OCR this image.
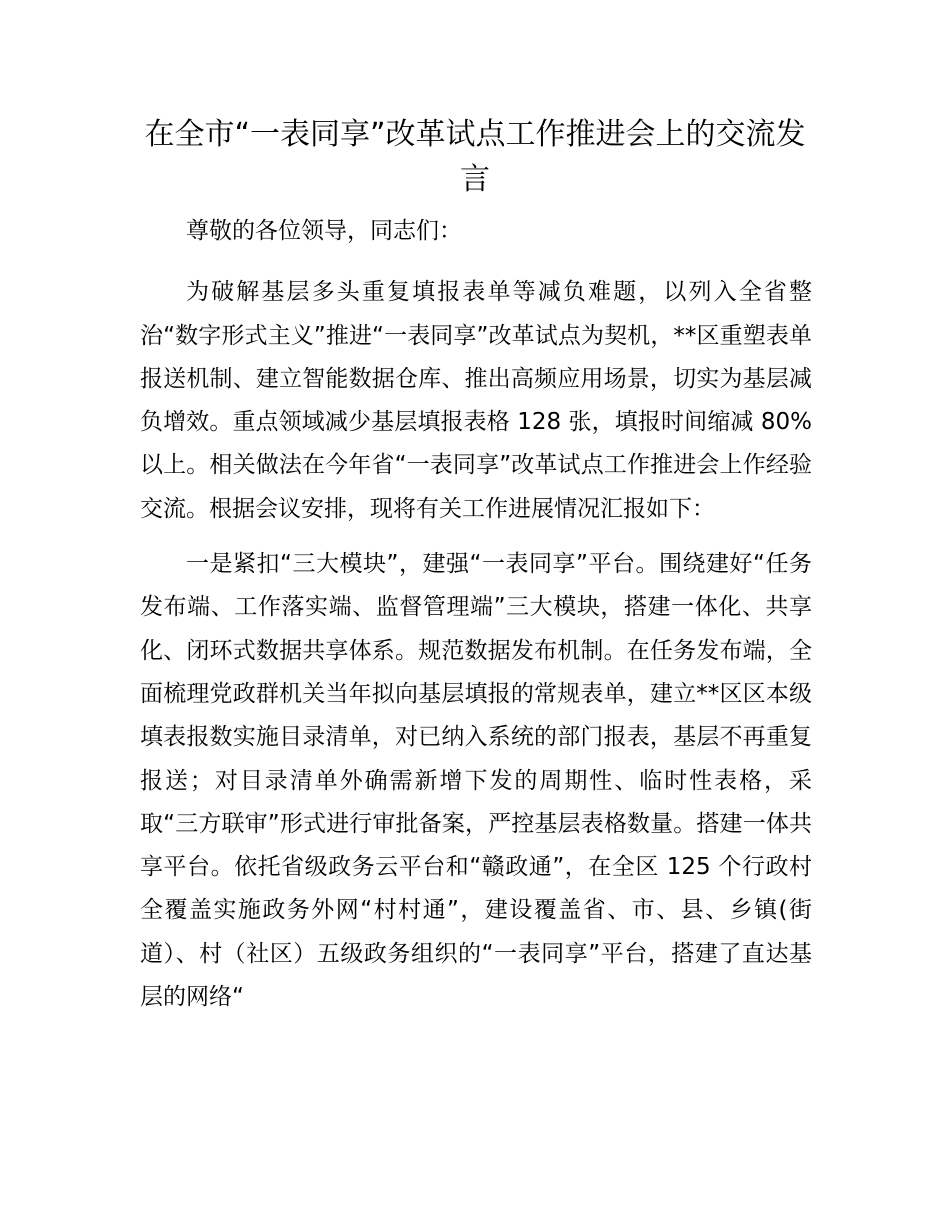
在全市“一表同享”改革试点工作推进会上的交流发言

尊敬的各位领导，同志们：

为破解基层多头重复填报表单等减负难题，以列入全省整治“数字形式主义”推进“一表同享”改革试点为契机，**区重塑表单报送机制、建立智能数据仓库、推出高频应用场景，切实为基层减负增效。重点领域减少基层填报表格 128 张，填报时间缩减 80%以上。相关做法在今年省“一表同享”改革试点工作推进会上作经验交流。根据会议安排，现将有关工作进展情况汇报如下：

一是紧扣“三大模块”，建强“一表同享”平台。围绕建好“任务发布端、工作落实端、监督管理端”三大模块，搭建一体化、共享化、闭环式数据共享体系。规范数据发布机制。在任务发布端，全面梳理党政群机关当年拟向基层填报的常规表单，建立**区区本级填表报数实施目录清单，对已纳入系统的部门报表，基层不再重复报送；对目录清单外确需新增下发的周期性、临时性表格，采取“三方联审”形式进行审批备案，严控基层表格数量。搭建一体共享平台。依托省级政务云平台和“赣政通”，在全区 125 个行政村全覆盖实施政务外网“村村通”，建设覆盖省、市、县、乡镇(街道）、村（社区）五级政务组织的“一表同享”平台，搭建了直达基层的网络“
